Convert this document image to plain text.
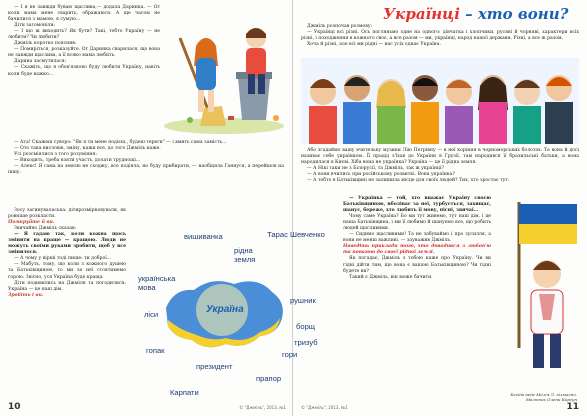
— І я не завжди буваю щаслива,— додала Даринка. — От коли мама мене сварить, ображаюся. А ще часом не бачилися з мамою, я сумую...

Діти загомоніли:

— І що ж виходить? Як бути? Такі, тобто Україну — не любити? Чи любити?

Джміль коротко пояснив:

— Помиріться, розказуйте. От Даринка сварилася, що вона не завжди щаслива, а її всяко мама любить.

Дарина засмутилася:

— Скажіть, що я обов'язково буду любити Україну, навіть коли буде важко...

— Ага! Скажеш сувоpо: "Як я ти мене подієш,, будеш тереги" — і вмить сама замість...

— Ото така висловів, зміну, кажи все, до того Джміль каже.

Усі розсміялися з того розуміння:

— Виходить, треба взяти участь, долати труднощі...

— Алекс! Я сама на землю не сходжу, все подіяла, но буду прибирати, — наобіцяла Ганнуся, а перейшов на іншу.

Зосу загинуваласька: дітирозмірковували, як ровніше розкласти.

Помкруйте й ви.

Звичайно Джміль сказав:

— Я гадаю так, коли кожна щось змінити на краще — кращою. Люди не можуть своїми руками зробити, щоб у все змінилося.

— А чому у вірші тоді пише: ти доброї...

— Мабуть, тому, що коли з кожного душею та Батьківщиною, то ми за неї стоятимемо горою. Звісно, уся Україна буде краща.

Діти подивились на Джміля та погодилися: Україна — це наш дім.

Зробіть і ви.

10	© "Джміль", 2013, №1
Українці – хто вони?

Джміль розпочав розмову:

— Українці всі різні. Ось погляньмо одне на одного: дівчатка і хлопчики, русяві й чорняві, характери всіх різні, і походження в кожного своє, а все разом — ми, українці, народ нашої держави. Різні, а все ж разом.

Хоча й різні, але всі ми рідні — нас усіх єднає Україна.

Або згадаймо вашу вчительку музики Лію Петрівну — в неї коріння в чорноморських болотах. Та вона й досі називає себе українкою. Її прадід з'їхав до України в Грузії, там народився її бразильські батьки, а вона народилася в Києві. Хіба вона не українка? Україна — це її рідна земля.

— А Нікі таки не з Білорусії, та Джміль, так ж українці?

— А вони вчились при російському розвиткі. Вона українка?

— А тобто в Батьківщині не залишила місце для своїх людей? Тих, хто зростає тут.

— Українка — той, хто вважає Україну своєю Батьківщиною, вболіває за неї, турбується, захищає, шанує, береже, хто любить її мову, пісні, звичаї...

Чому саме Україна? Бо ми тут живемо, тут наш дім, і це наша Батьківщина, і ми її любимо й шануємо все, що робить людей щасливими.

— Сидимо щасливими! Та не забуваймо і про зусилля, а вони не менш важливі, — зауважив Джміль.

Наведіть приклади того, хто доводився з любов'ю та повагою до своєї рідної землі.

Як погадає, Джміль з тобою каже про Україну. Чи ви гідні дійти тим, що вона є вашою Батьківщиною? Чи гідні будете ви?

Такий є Джміль, він може бачити.

Бесіда веде Мелія Л. кількісно.
Малюнок Олени Корсун
11
© "Джміль", 2013, №1
Україна
вишиванка	Тарас Шевченко
рідна земля
українська мова
рушник
борщ
тризуб
гори
ліси
гопак
президент
прапор
Карпати
